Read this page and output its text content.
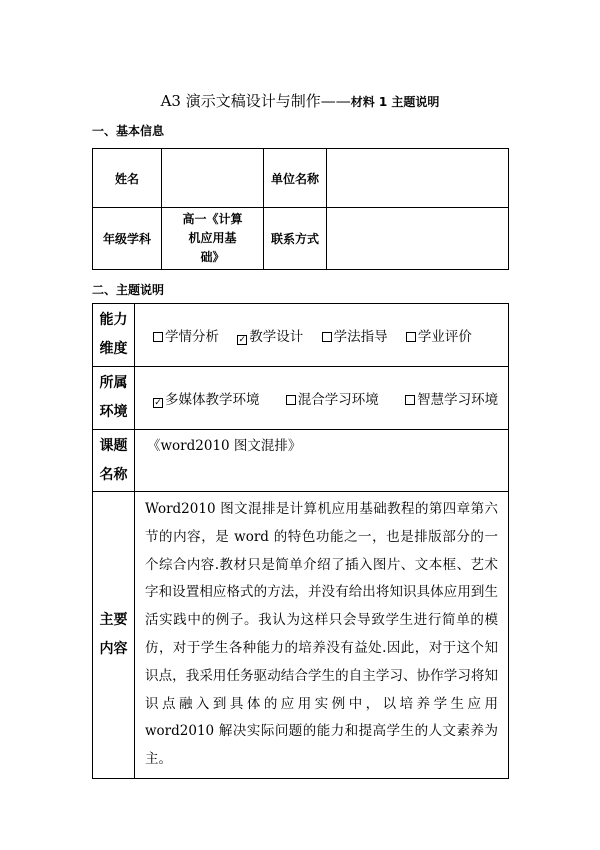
A3 演示文稿设计与制作——材料 1 主题说明
一、基本信息
姓名		单位名称	
年级学科	高一《计算机应用基础》	联系方式	
二、主题说明
能力维度	学情分析 ✓ 教学设计 学法指导 学业评价
所属环境	✓ 多媒体教学环境 混合学习环境 智慧学习环境
课题名称	《word2010 图文混排》
主要内容	Word2010 图文混排是计算机应用基础教程的第四章第六节的内容，是 word 的特色功能之一，也是排版部分的一个综合内容.教材只是简单介绍了插入图片、文本框、艺术字和设置相应格式的方法，并没有给出将知识具体应用到生活实践中的例子。我认为这样只会导致学生进行简单的模仿，对于学生各种能力的培养没有益处.因此，对于这个知识点，我采用任务驱动结合学生的自主学习、协作学习将知识点融入到具体的应用实例中，以培养学生应用 word2010 解决实际问题的能力和提高学生的人文素养为主。
